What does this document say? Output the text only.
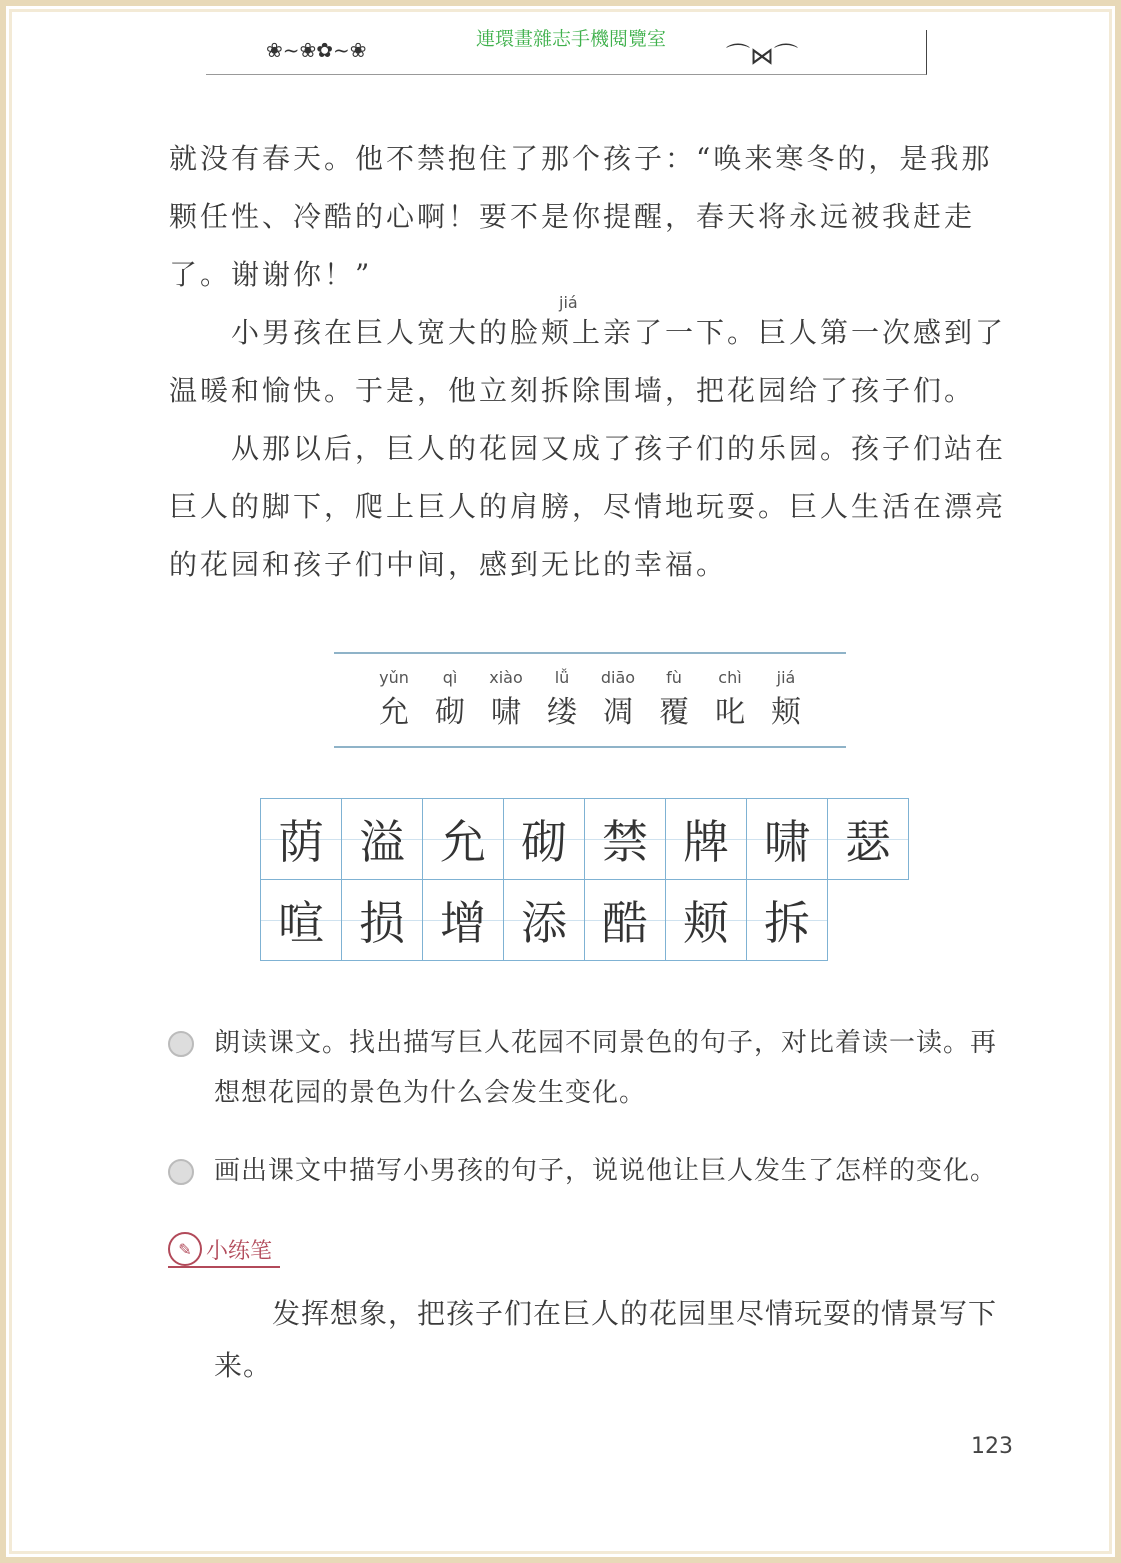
❀~❀✿~❀	連環畫雜志手機閱覽室
⌒⋈⌒
就没有春天。他不禁抱住了那个孩子：“唤来寒冬的，是我那颗任性、冷酷的心啊！要不是你提醒，春天将永远被我赶走了。谢谢你！”
jiá
　　小男孩在巨人宽大的脸颊上亲了一下。巨人第一次感到了温暖和愉快。于是，他立刻拆除围墙，把花园给了孩子们。
　　从那以后，巨人的花园又成了孩子们的乐园。孩子们站在巨人的脚下，爬上巨人的肩膀，尽情地玩耍。巨人生活在漂亮的花园和孩子们中间，感到无比的幸福。
yǔn
允
qì
砌
xiào
啸
lǚ
缕
diāo
凋
fù
覆
chì
叱
jiá
颊
荫 溢 允 砌 禁 牌 啸 瑟
喧 损 增 添 酷 颊 拆
朗读课文。找出描写巨人花园不同景色的句子，对比着读一读。再想想花园的景色为什么会发生变化。
画出课文中描写小男孩的句子，说说他让巨人发生了怎样的变化。
✎ 小练笔
　　发挥想象，把孩子们在巨人的花园里尽情玩耍的情景写下来。
123
